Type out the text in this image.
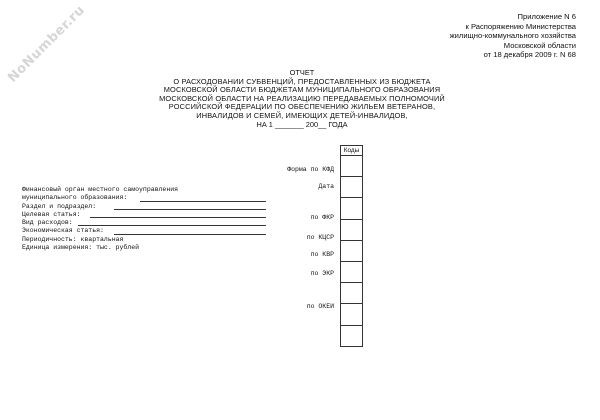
NoNumber.ru	Приложение N 6
к Распоряжению Министерства
жилищно-коммунального хозяйства
Московской области
от 18 декабря 2009 г. N 68
ОТЧЕТ
О РАСХОДОВАНИИ СУБВЕНЦИЙ, ПРЕДОСТАВЛЕННЫХ ИЗ БЮДЖЕТА
МОСКОВСКОЙ ОБЛАСТИ БЮДЖЕТАМ МУНИЦИПАЛЬНОГО ОБРАЗОВАНИЯ
МОСКОВСКОЙ ОБЛАСТИ НА РЕАЛИЗАЦИЮ ПЕРЕДАВАЕМЫХ ПОЛНОМОЧИЙ
РОССИЙСКОЙ ФЕДЕРАЦИИ ПО ОБЕСПЕЧЕНИЮ ЖИЛЬЕМ ВЕТЕРАНОВ,
ИНВАЛИДОВ И СЕМЕЙ, ИМЕЮЩИХ ДЕТЕЙ-ИНВАЛИДОВ,
НА 1 _______ 200__ ГОДА
Коды
Форма по КФД
Дата
по ФКР
по КЦСР
по КВР
по ЭКР
по ОКЕИ
Финансовый орган местного самоуправления
муниципального образования:
Раздел и подраздел:
Целевая статья:
Вид расходов:
Экономическая статья:
Периодичность: квартальная
Единица измерения: тыс. рублей
